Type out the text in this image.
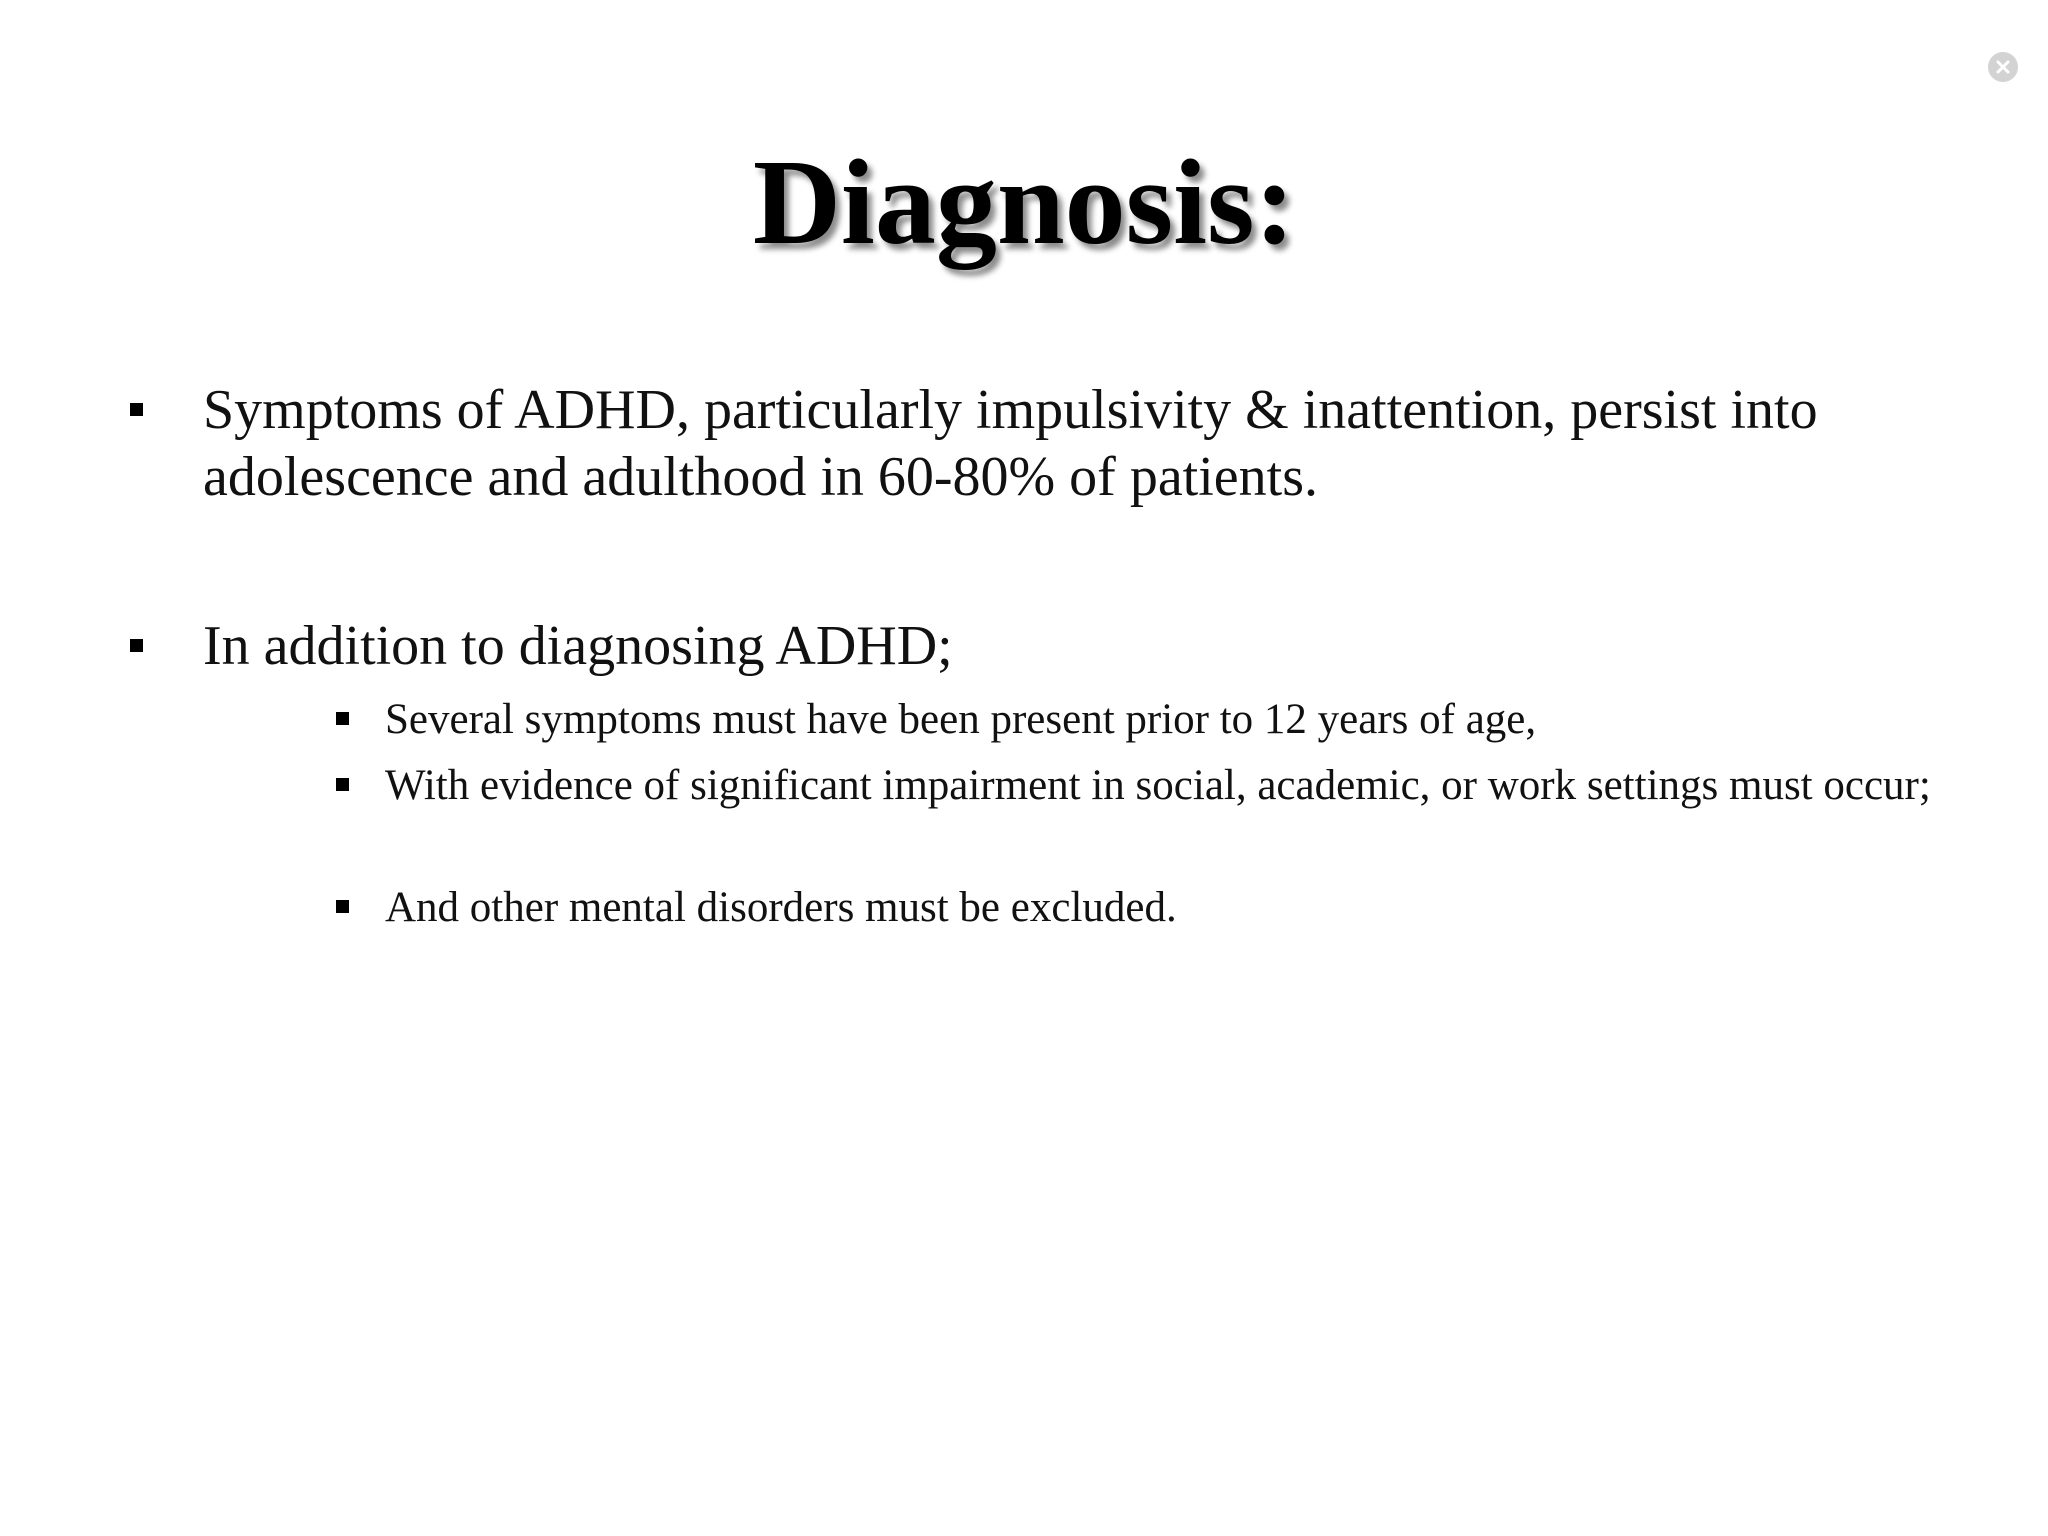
Diagnosis:
Symptoms of ADHD, particularly impulsivity & inattention, persist into adolescence and adulthood in 60-80% of patients.
In addition to diagnosing ADHD;
Several symptoms must have been present prior to 12 years of age,
With evidence of significant impairment in social, academic, or work settings must occur;
And other mental disorders must be excluded.
